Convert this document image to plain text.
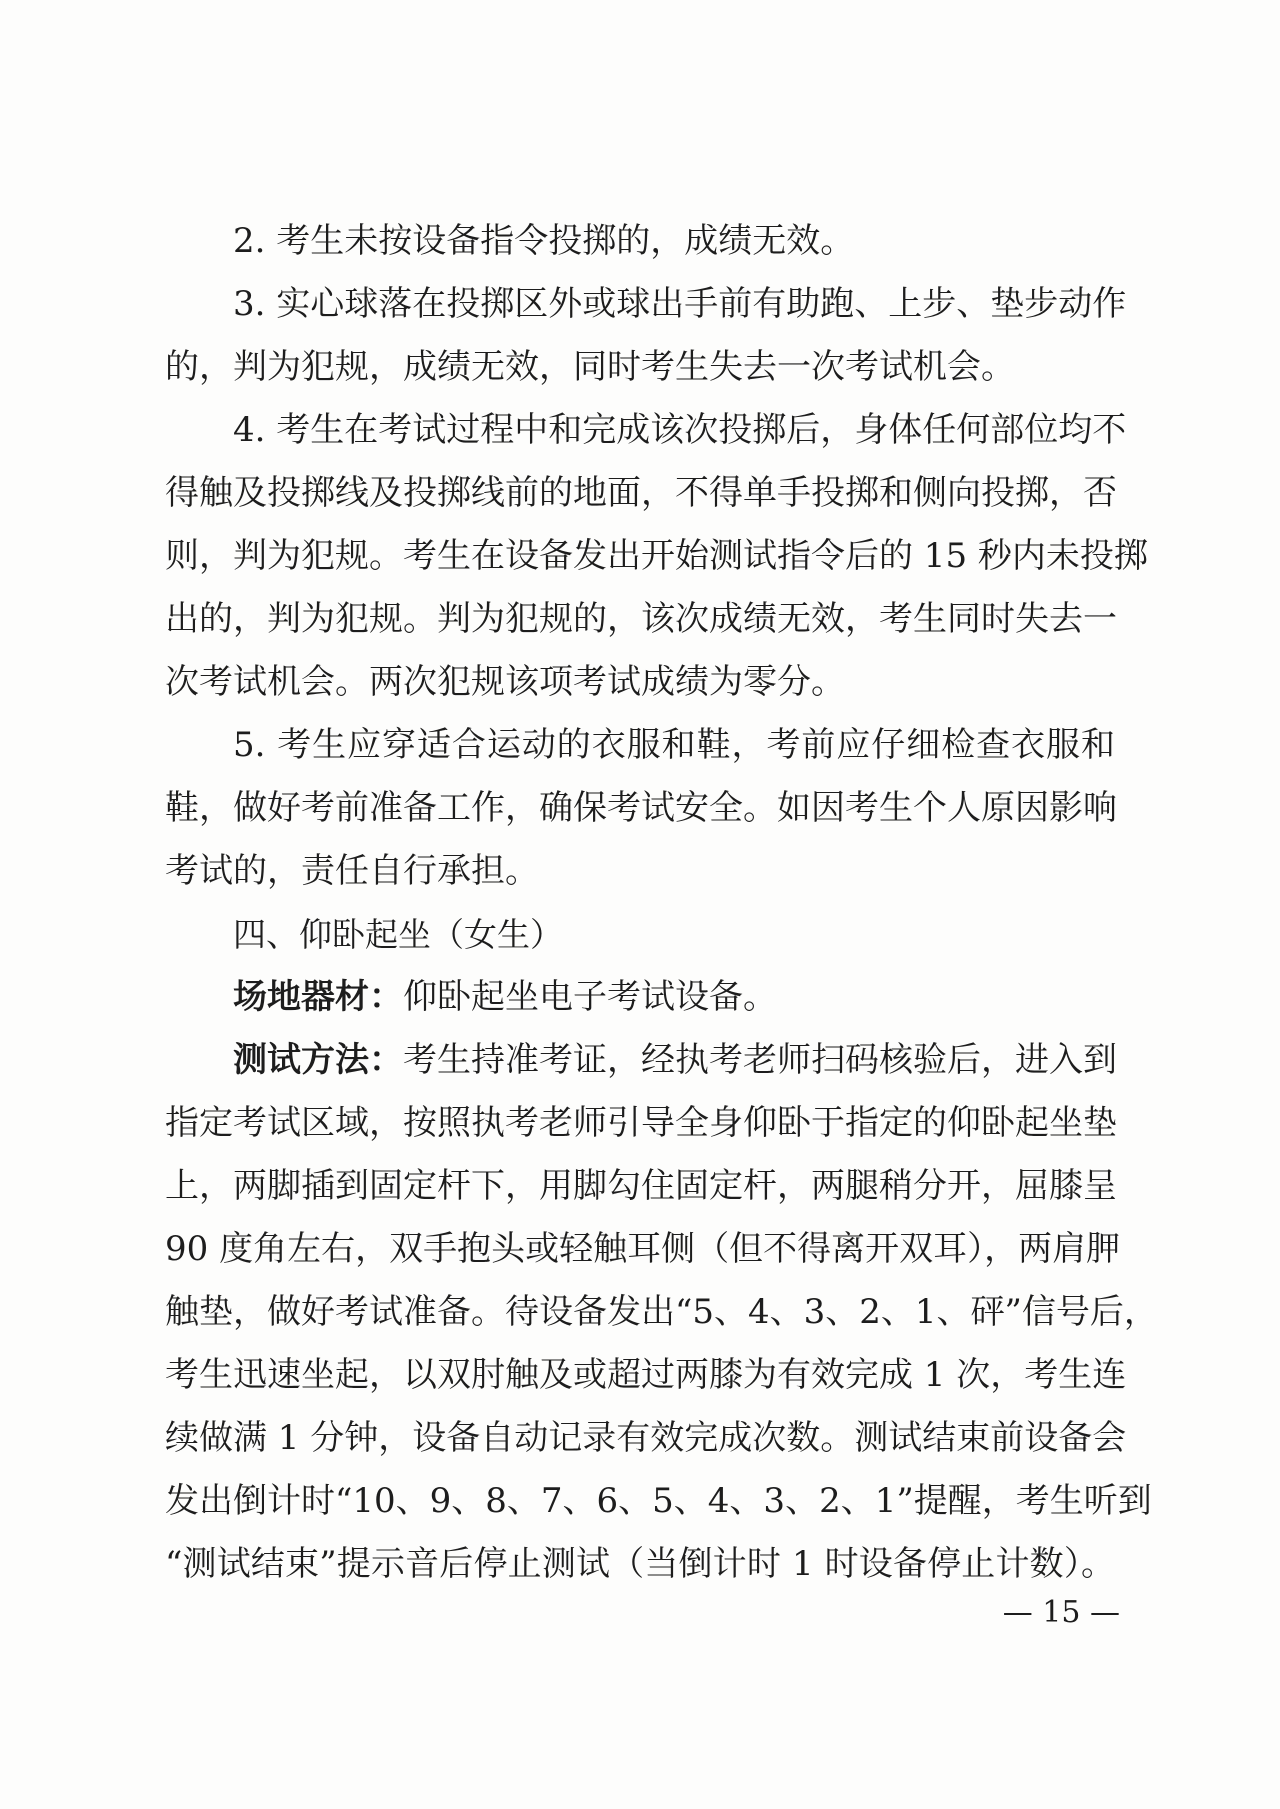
2. 考生未按设备指令投掷的，成绩无效。
3. 实心球落在投掷区外或球出手前有助跑、上步、垫步动作
的，判为犯规，成绩无效，同时考生失去一次考试机会。
4. 考生在考试过程中和完成该次投掷后，身体任何部位均不
得触及投掷线及投掷线前的地面，不得单手投掷和侧向投掷，否
则，判为犯规。考生在设备发出开始测试指令后的 15 秒内未投掷
出的，判为犯规。判为犯规的，该次成绩无效，考生同时失去一
次考试机会。两次犯规该项考试成绩为零分。
5. 考生应穿适合运动的衣服和鞋，考前应仔细检查衣服和
鞋，做好考前准备工作，确保考试安全。如因考生个人原因影响
考试的，责任自行承担。
四、仰卧起坐（女生）
场地器材：仰卧起坐电子考试设备。
测试方法：考生持准考证，经执考老师扫码核验后，进入到
指定考试区域，按照执考老师引导全身仰卧于指定的仰卧起坐垫
上，两脚插到固定杆下，用脚勾住固定杆，两腿稍分开，屈膝呈
90 度角左右，双手抱头或轻触耳侧（但不得离开双耳），两肩胛
触垫，做好考试准备。待设备发出“5、4、3、2、1、砰”信号后，
考生迅速坐起，以双肘触及或超过两膝为有效完成 1 次，考生连
续做满 1 分钟，设备自动记录有效完成次数。测试结束前设备会
发出倒计时“10、9、8、7、6、5、4、3、2、1”提醒，考生听到
“测试结束”提示音后停止测试（当倒计时 1 时设备停止计数）。
— 15 —
